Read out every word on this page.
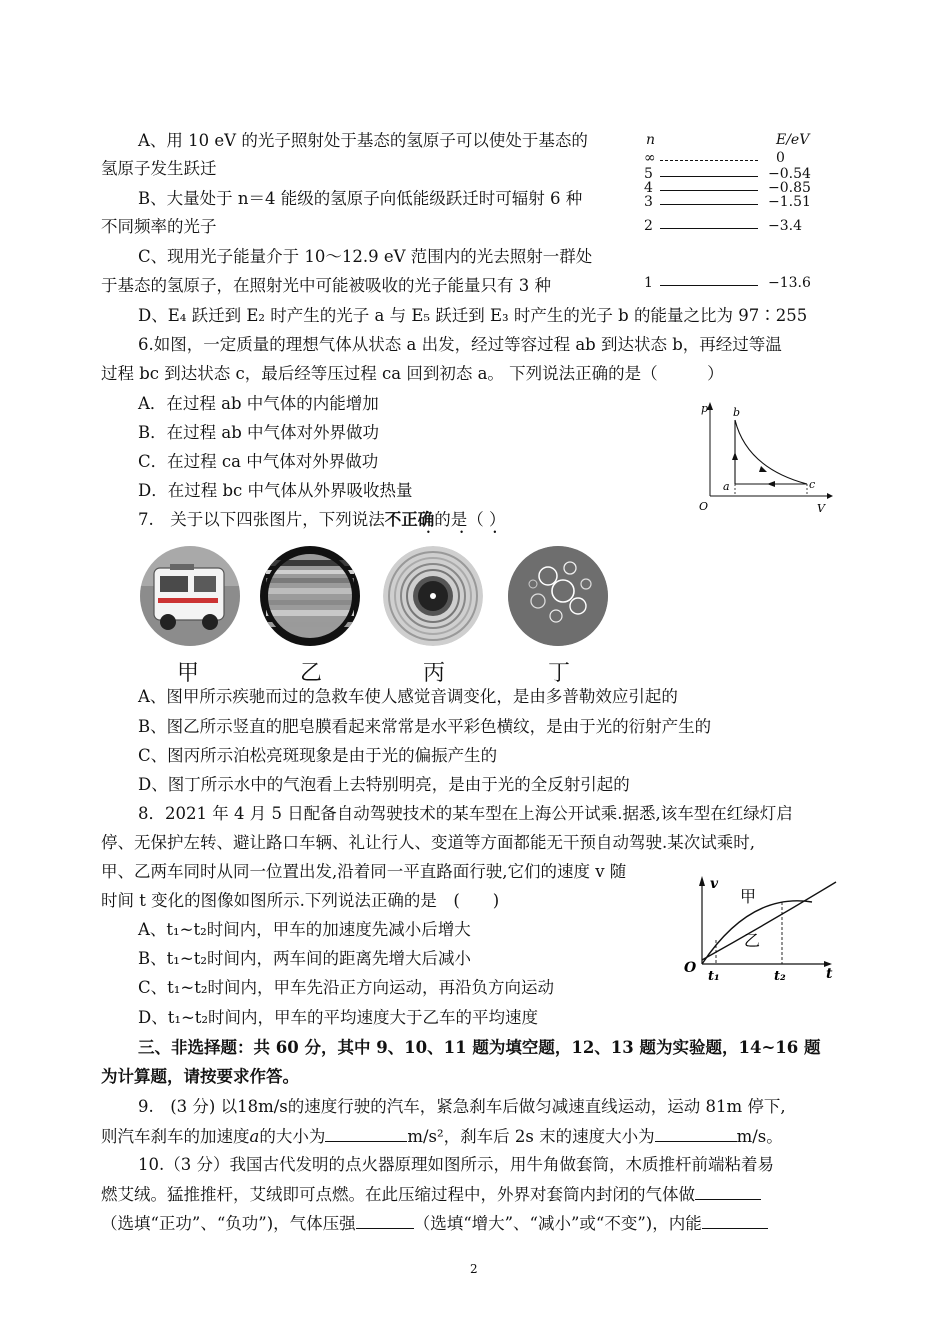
A、用 10 eV 的光子照射处于基态的氢原子可以使处于基态的
氢原子发生跃迁
B、大量处于 n＝4 能级的氢原子向低能级跃迁时可辐射 6 种
不同频率的光子
C、现用光子能量介于 10～12.9 eV 范围内的光去照射一群处
于基态的氢原子，在照射光中可能被吸收的光子能量只有 3 种
D、E₄ 跃迁到 E₂ 时产生的光子 a 与 E₅ 跃迁到 E₃ 时产生的光子 b 的能量之比为 97∶255
n	E/eV
∞	0
5	−0.54
4	−0.85
3	−1.51
2	−3.4
1	−13.6
6.如图，一定质量的理想气体从状态 a 出发，经过等容过程 ab 到达状态 b，再经过等温
过程 bc 到达状态 c，最后经等压过程 ca 回到初态 a。 下列说法正确的是（　　　）
A．在过程 ab 中气体的内能增加
B．在过程 ab 中气体对外界做功
C．在过程 ca 中气体对外界做功
D．在过程 bc 中气体从外界吸收热量
p
V
O
a
b
c
7.　关于以下四张图片，下列说法不正确的是（ ）
• • •
甲	乙	丙	丁
A、图甲所示疾驰而过的急救车使人感觉音调变化，是由多普勒效应引起的
B、图乙所示竖直的肥皂膜看起来常常是水平彩色横纹，是由于光的衍射产生的
C、图丙所示泊松亮斑现象是由于光的偏振产生的
D、图丁所示水中的气泡看上去特别明亮，是由于光的全反射引起的
8．2021 年 4 月 5 日配备自动驾驶技术的某车型在上海公开试乘.据悉,该车型在红绿灯启
停、无保护左转、避让路口车辆、礼让行人、变道等方面都能无干预自动驾驶.某次试乘时,
甲、乙两车同时从同一位置出发,沿着同一平直路面行驶,它们的速度 v 随
时间 t 变化的图像如图所示.下列说法正确的是　(　　)
A、t₁~t₂时间内，甲车的加速度先减小后增大
B、t₁~t₂时间内，两车间的距离先增大后减小
C、t₁~t₂时间内，甲车先沿正方向运动，再沿负方向运动
D、t₁~t₂时间内，甲车的平均速度大于乙车的平均速度
v
t
O
t₁	t₂
甲
乙
三、非选择题：共 60 分，其中 9、10、11 题为填空题，12、13 题为实验题，14~16 题
为计算题，请按要求作答。
9.　(3 分) 以18m/s的速度行驶的汽车，紧急刹车后做匀减速直线运动，运动 81m 停下,
则汽车刹车的加速度a的大小为	m/s²，刹车后 2s 末的速度大小为	m/s。
10.（3 分）我国古代发明的点火器原理如图所示，用牛角做套筒，木质推杆前端粘着易
燃艾绒。猛推推杆，艾绒即可点燃。在此压缩过程中，外界对套筒内封闭的气体做
（选填“正功”、“负功”)，气体压强	（选填“增大”、“减小”或“不变”)，内能
2
